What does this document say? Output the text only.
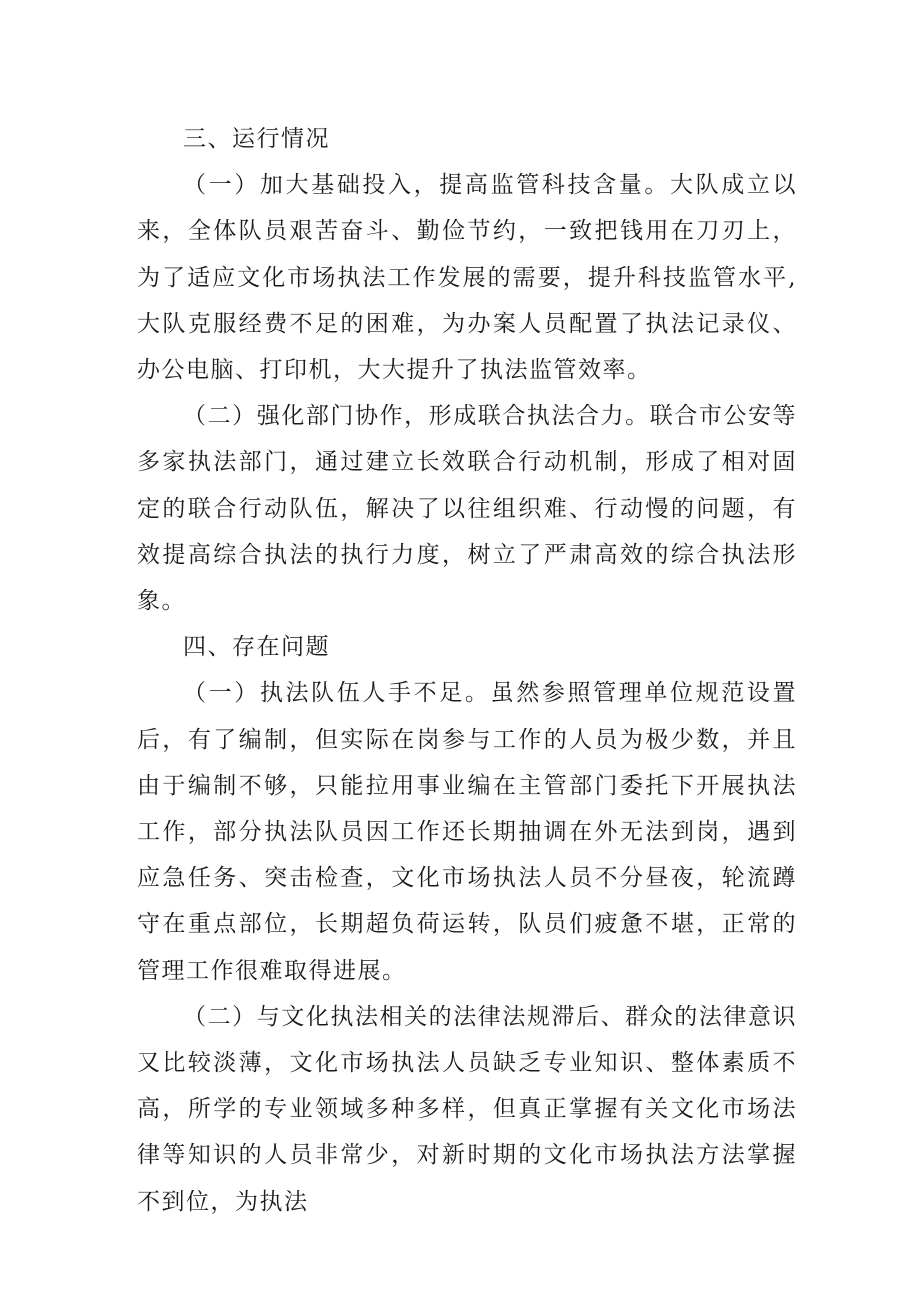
三、运行情况

（一）加大基础投入，提高监管科技含量。大队成立以来，全体队员艰苦奋斗、勤俭节约，一致把钱用在刀刃上，为了适应文化市场执法工作发展的需要，提升科技监管水平,大队克服经费不足的困难，为办案人员配置了执法记录仪、办公电脑、打印机，大大提升了执法监管效率。

（二）强化部门协作，形成联合执法合力。联合市公安等多家执法部门，通过建立长效联合行动机制，形成了相对固定的联合行动队伍，解决了以往组织难、行动慢的问题，有效提高综合执法的执行力度，树立了严肃高效的综合执法形象。

四、存在问题

（一）执法队伍人手不足。虽然参照管理单位规范设置后，有了编制，但实际在岗参与工作的人员为极少数，并且由于编制不够，只能拉用事业编在主管部门委托下开展执法工作，部分执法队员因工作还长期抽调在外无法到岗，遇到应急任务、突击检查，文化市场执法人员不分昼夜，轮流蹲守在重点部位，长期超负荷运转，队员们疲惫不堪，正常的管理工作很难取得进展。

（二）与文化执法相关的法律法规滞后、群众的法律意识又比较淡薄，文化市场执法人员缺乏专业知识、整体素质不高，所学的专业领域多种多样，但真正掌握有关文化市场法律等知识的人员非常少，对新时期的文化市场执法方法掌握不到位，为执法
